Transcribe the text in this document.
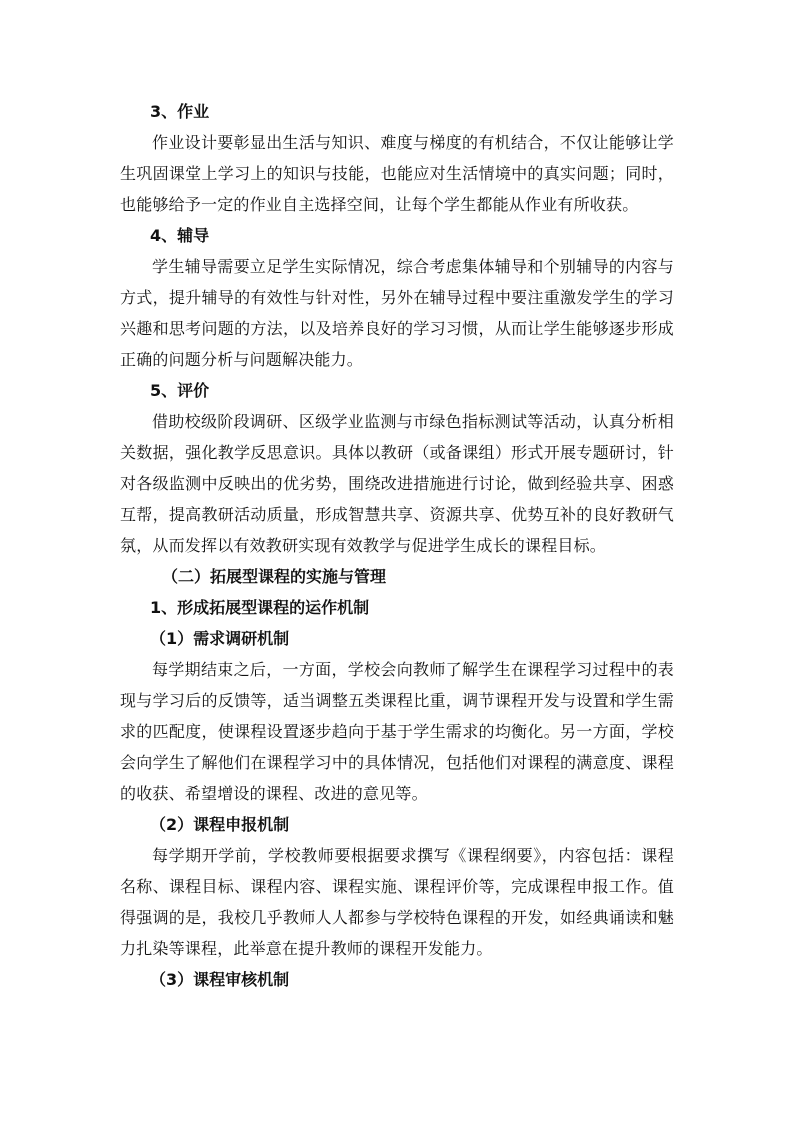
3、作业

作业设计要彰显出生活与知识、难度与梯度的有机结合，不仅让能够让学生巩固课堂上学习上的知识与技能，也能应对生活情境中的真实问题；同时，也能够给予一定的作业自主选择空间，让每个学生都能从作业有所收获。

4、辅导

学生辅导需要立足学生实际情况，综合考虑集体辅导和个别辅导的内容与方式，提升辅导的有效性与针对性，另外在辅导过程中要注重激发学生的学习兴趣和思考问题的方法，以及培养良好的学习习惯，从而让学生能够逐步形成正确的问题分析与问题解决能力。

5、评价

借助校级阶段调研、区级学业监测与市绿色指标测试等活动，认真分析相关数据，强化教学反思意识。具体以教研（或备课组）形式开展专题研讨，针对各级监测中反映出的优劣势，围绕改进措施进行讨论，做到经验共享、困惑互帮，提高教研活动质量，形成智慧共享、资源共享、优势互补的良好教研气氛，从而发挥以有效教研实现有效教学与促进学生成长的课程目标。

（二）拓展型课程的实施与管理
1、形成拓展型课程的运作机制
（1）需求调研机制

每学期结束之后，一方面，学校会向教师了解学生在课程学习过程中的表现与学习后的反馈等，适当调整五类课程比重，调节课程开发与设置和学生需求的匹配度，使课程设置逐步趋向于基于学生需求的均衡化。另一方面，学校会向学生了解他们在课程学习中的具体情况，包括他们对课程的满意度、课程的收获、希望增设的课程、改进的意见等。

（2）课程申报机制

每学期开学前，学校教师要根据要求撰写《课程纲要》，内容包括：课程名称、课程目标、课程内容、课程实施、课程评价等，完成课程申报工作。值得强调的是，我校几乎教师人人都参与学校特色课程的开发，如经典诵读和魅力扎染等课程，此举意在提升教师的课程开发能力。

（3）课程审核机制
